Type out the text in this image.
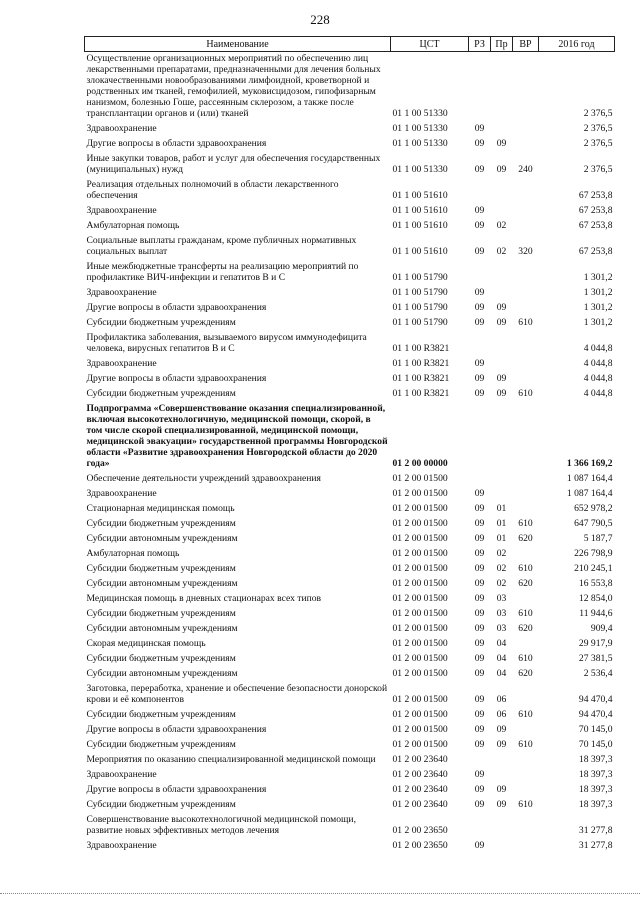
228
Наименование	ЦСТ	РЗ	Пр	ВР	2016 год
Осуществление организационных мероприятий по обеспечению лиц лекарственными препаратами, предназначенными для лечения больных злокачественными новообразованиями лимфоидной, кроветворной и родственных им тканей, гемофилией, муковисцидозом, гипофизарным нанизмом, болезнью Гоше, рассеянным склерозом, а также после трансплантации органов и (или) тканей	01 1 00 51330				2 376,5
Здравоохранение	01 1 00 51330	09			2 376,5
Другие вопросы в области здравоохранения	01 1 00 51330	09	09		2 376,5
Иные закупки товаров, работ и услуг для обеспечения государственных (муниципальных) нужд	01 1 00 51330	09	09	240	2 376,5
Реализация отдельных полномочий в области лекарственного обеспечения	01 1 00 51610				67 253,8
Здравоохранение	01 1 00 51610	09			67 253,8
Амбулаторная помощь	01 1 00 51610	09	02		67 253,8
Социальные выплаты гражданам, кроме публичных нормативных социальных выплат	01 1 00 51610	09	02	320	67 253,8
Иные межбюджетные трансферты на реализацию мероприятий по профилактике ВИЧ-инфекции и гепатитов В и С	01 1 00 51790				1 301,2
Здравоохранение	01 1 00 51790	09			1 301,2
Другие вопросы в области здравоохранения	01 1 00 51790	09	09		1 301,2
Субсидии бюджетным учреждениям	01 1 00 51790	09	09	610	1 301,2
Профилактика заболевания, вызываемого вирусом иммунодефицита человека, вирусных гепатитов В и С	01 1 00 R3821				4 044,8
Здравоохранение	01 1 00 R3821	09			4 044,8
Другие вопросы в области здравоохранения	01 1 00 R3821	09	09		4 044,8
Субсидии бюджетным учреждениям	01 1 00 R3821	09	09	610	4 044,8
Подпрограмма «Совершенствование оказания специализированной, включая высокотехнологичную, медицинской помощи, скорой, в том числе скорой специализированной, медицинской помощи, медицинской эвакуации» государственной программы Новгородской области «Развитие здравоохранения Новгородской области до 2020 года»	01 2 00 00000				1 366 169,2
Обеспечение деятельности учреждений здравоохранения	01 2 00 01500				1 087 164,4
Здравоохранение	01 2 00 01500	09			1 087 164,4
Стационарная медицинская помощь	01 2 00 01500	09	01		652 978,2
Субсидии бюджетным учреждениям	01 2 00 01500	09	01	610	647 790,5
Субсидии автономным учреждениям	01 2 00 01500	09	01	620	5 187,7
Амбулаторная помощь	01 2 00 01500	09	02		226 798,9
Субсидии бюджетным учреждениям	01 2 00 01500	09	02	610	210 245,1
Субсидии автономным учреждениям	01 2 00 01500	09	02	620	16 553,8
Медицинская помощь в дневных стационарах всех типов	01 2 00 01500	09	03		12 854,0
Субсидии бюджетным учреждениям	01 2 00 01500	09	03	610	11 944,6
Субсидии автономным учреждениям	01 2 00 01500	09	03	620	909,4
Скорая медицинская помощь	01 2 00 01500	09	04		29 917,9
Субсидии бюджетным учреждениям	01 2 00 01500	09	04	610	27 381,5
Субсидии автономным учреждениям	01 2 00 01500	09	04	620	2 536,4
Заготовка, переработка, хранение и обеспечение безопасности донорской крови и её компонентов	01 2 00 01500	09	06		94 470,4
Субсидии бюджетным учреждениям	01 2 00 01500	09	06	610	94 470,4
Другие вопросы в области здравоохранения	01 2 00 01500	09	09		70 145,0
Субсидии бюджетным учреждениям	01 2 00 01500	09	09	610	70 145,0
Мероприятия по оказанию специализированной медицинской помощи	01 2 00 23640				18 397,3
Здравоохранение	01 2 00 23640	09			18 397,3
Другие вопросы в области здравоохранения	01 2 00 23640	09	09		18 397,3
Субсидии бюджетным учреждениям	01 2 00 23640	09	09	610	18 397,3
Совершенствование высокотехнологичной медицинской помощи, развитие новых эффективных методов лечения	01 2 00 23650				31 277,8
Здравоохранение	01 2 00 23650	09			31 277,8
